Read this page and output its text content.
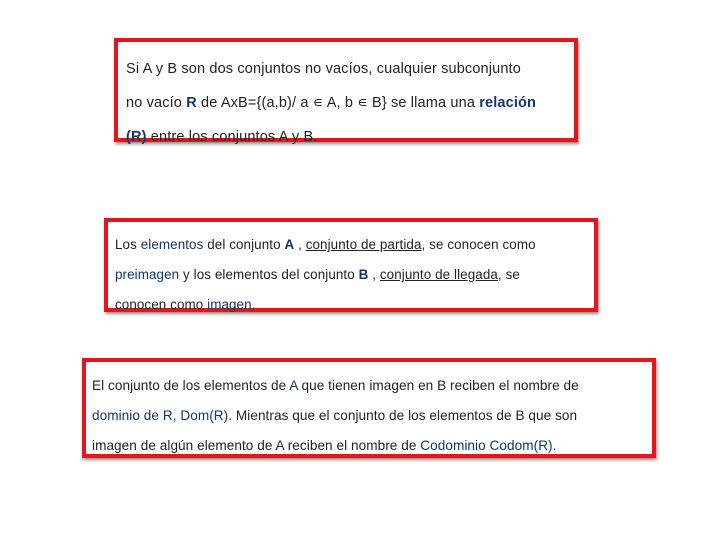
Si A y B son dos conjuntos no vacíos, cualquier subconjunto

no vacío R de AxB={(a,b)/ a ∊ A, b ∊ B} se llama una relación

(R) entre los conjuntos A y B.

Los elementos del conjunto A , conjunto de partida, se conocen como

preimagen y los elementos del conjunto B , conjunto de llegada, se

conocen como imagen.

El conjunto de los elementos de A que tienen imagen en B reciben el nombre de

dominio de R, Dom(R). Mientras que el conjunto de los elementos de B que son

imagen de algún elemento de A reciben el nombre de Codominio Codom(R).
